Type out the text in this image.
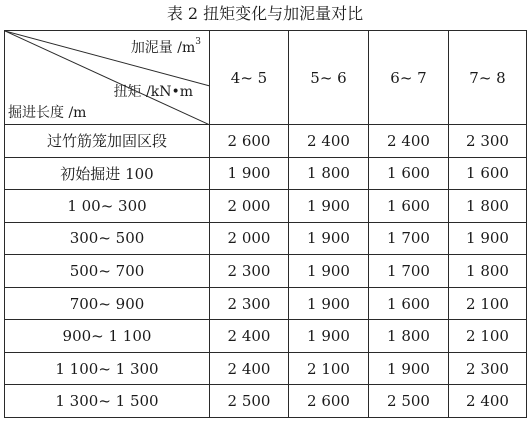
表 2 扭矩变化与加泥量对比
加泥量 $/m^3$
扭矩 /kN•m
掘进长度 /m	4~ 5	5~ 6	6~ 7	7~ 8
过竹筋笼加固区段	2 600	2 400	2 400	2 300
初始掘进 100	1 900	1 800	1 600	1 600
1 00~ 300	2 000	1 900	1 600	1 800
300~ 500	2 000	1 900	1 700	1 900
500~ 700	2 300	1 900	1 700	1 800
700~ 900	2 300	1 900	1 600	2 100
900~ 1 100	2 400	1 900	1 800	2 100
1 100~ 1 300	2 400	2 100	1 900	2 300
1 300~ 1 500	2 500	2 600	2 500	2 400
